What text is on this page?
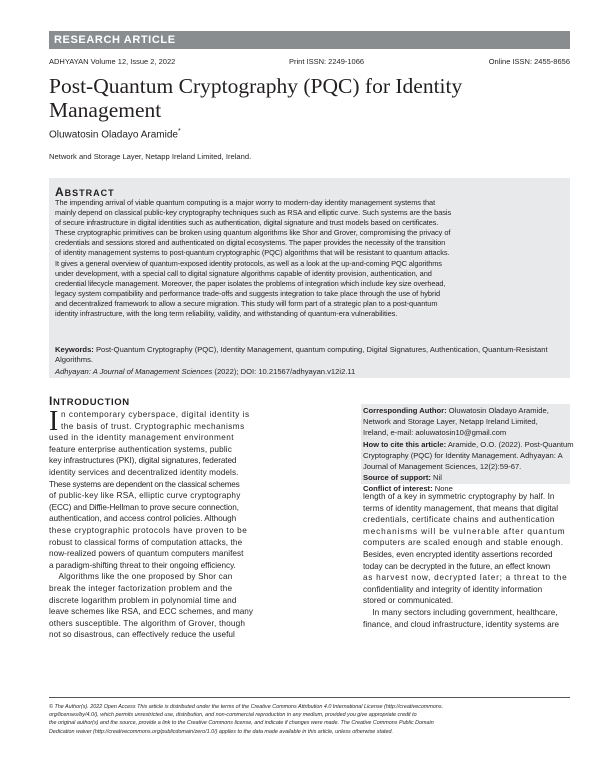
RESEARCH ARTICLE
ADHYAYAN Volume 12, Issue 2, 2022	Print ISSN: 2249-1066	Online ISSN: 2455-8656
Post-Quantum Cryptography (PQC) for Identity
Management
Oluwatosin Oladayo Aramide*
Network and Storage Layer, Netapp Ireland Limited, Ireland.
ABSTRACT
The impending arrival of viable quantum computing is a major worry to modern-day identity management systems that
mainly depend on classical public-key cryptography techniques such as RSA and elliptic curve. Such systems are the basis
of secure infrastructure in digital identities such as authentication, digital signature and trust models based on certificates.
These cryptographic primitives can be broken using quantum algorithms like Shor and Grover, compromising the privacy of
credentials and sessions stored and authenticated on digital ecosystems. The paper provides the necessity of the transition
of identity management systems to post-quantum cryptographic (PQC) algorithms that will be resistant to quantum attacks.
It gives a general overview of quantum-exposed identity protocols, as well as a look at the up-and-coming PQC algorithms
under development, with a special call to digital signature algorithms capable of identity provision, authentication, and
credential lifecycle management. Moreover, the paper isolates the problems of integration which include key size overhead,
legacy system compatibility and performance trade-offs and suggests integration to take place through the use of hybrid
and decentralized framework to allow a secure migration. This study will form part of a strategic plan to a post-quantum
identity infrastructure, with the long term reliability, validity, and withstanding of quantum-era vulnerabilities.
Keywords: Post-Quantum Cryptography (PQC), Identity Management, quantum computing, Digital Signatures, Authentication, Quantum-Resistant Algorithms.
Adhyayan: A Journal of Management Sciences (2022); DOI: 10.21567/adhyayan.v12i2.11
INTRODUCTION
I n contemporary cyberspace, digital identity is
the basis of trust. Cryptographic mechanisms
used in the identity management environment
feature enterprise authentication systems, public
key infrastructures (PKI), digital signatures, federated
identity services and decentralized identity models.
These systems are dependent on the classical schemes
of public-key like RSA, elliptic curve cryptography
(ECC) and Diffie-Hellman to prove secure connection,
authentication, and access control policies. Although
these cryptographic protocols have proven to be
robust to classical forms of computation attacks, the
now-realized powers of quantum computers manifest
a paradigm-shifting threat to their ongoing efficiency.
Algorithms like the one proposed by Shor can
break the integer factorization problem and the
discrete logarithm problem in polynomial time and
leave schemes like RSA, and ECC schemes, and many
others susceptible. The algorithm of Grover, though
not so disastrous, can effectively reduce the useful
Corresponding Author: Oluwatosin Oladayo Aramide,
Network and Storage Layer, Netapp Ireland Limited,
Ireland, e-mail: aoluwatosin10@gmail.com
How to cite this article: Aramide, O.O. (2022). Post-Quantum
Cryptography (PQC) for Identity Management. Adhyayan: A
Journal of Management Sciences, 12(2):59-67.
Source of support: Nil
Conflict of interest: None
length of a key in symmetric cryptography by half. In
terms of identity management, that means that digital
credentials, certificate chains and authentication
mechanisms will be vulnerable after quantum
computers are scaled enough and stable enough.
Besides, even encrypted identity assertions recorded
today can be decrypted in the future, an effect known
as harvest now, decrypted later; a threat to the
confidentiality and integrity of identity information
stored or communicated.
In many sectors including government, healthcare,
finance, and cloud infrastructure, identity systems are
© The Author(s). 2022 Open Access This article is distributed under the terms of the Creative Commons Attribution 4.0 International License (http://creativecommons.
org/licenses/by/4.0/), which permits unrestricted use, distribution, and non-commercial reproduction in any medium, provided you give appropriate credit to
the original author(s) and the source, provide a link to the Creative Commons license, and indicate if changes were made. The Creative Commons Public Domain
Dedication waiver (http://creativecommons.org/publicdomain/zero/1.0/) applies to the data made available in this article, unless otherwise stated.
